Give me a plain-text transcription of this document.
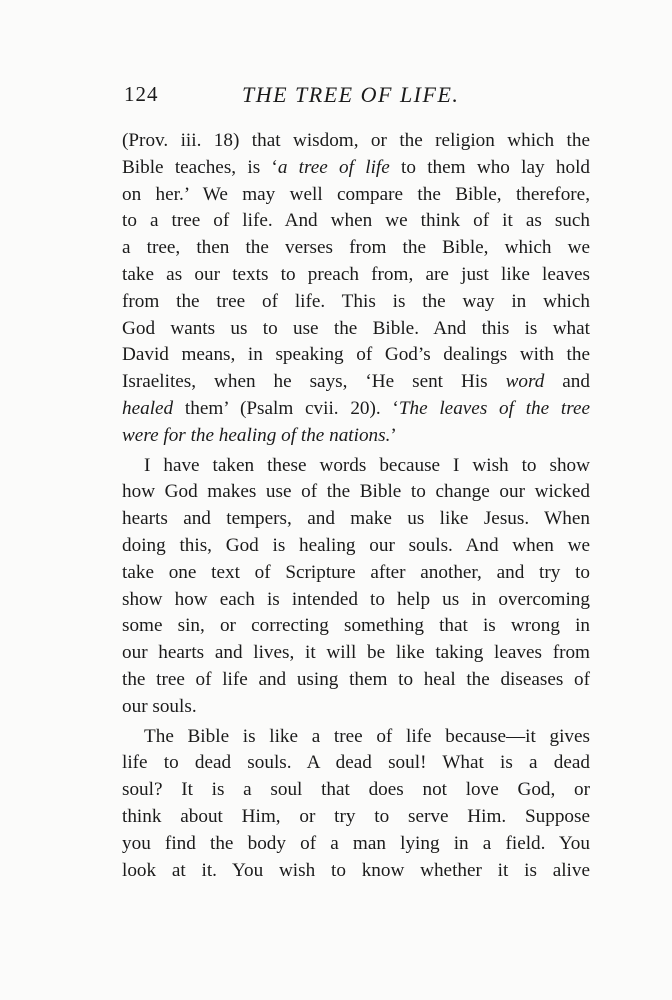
124	THE TREE OF LIFE.
(Prov. iii. 18) that wisdom, or the religion which the
Bible teaches, is ‘a tree of life to them who lay hold
on her.’ We may well compare the Bible, therefore,
to a tree of life. And when we think of it as such
a tree, then the verses from the Bible, which we
take as our texts to preach from, are just like leaves
from the tree of life. This is the way in which
God wants us to use the Bible. And this is what
David means, in speaking of God’s dealings with the
Israelites, when he says, ‘He sent His word and
healed them’ (Psalm cvii. 20). ‘The leaves of the tree
were for the healing of the nations.’
I have taken these words because I wish to show
how God makes use of the Bible to change our wicked
hearts and tempers, and make us like Jesus. When
doing this, God is healing our souls. And when we
take one text of Scripture after another, and try to
show how each is intended to help us in overcoming
some sin, or correcting something that is wrong in
our hearts and lives, it will be like taking leaves from
the tree of life and using them to heal the diseases of
our souls.
The Bible is like a tree of life because—it gives
life to dead souls. A dead soul! What is a dead
soul? It is a soul that does not love God, or
think about Him, or try to serve Him. Suppose
you find the body of a man lying in a field. You
look at it. You wish to know whether it is alive
